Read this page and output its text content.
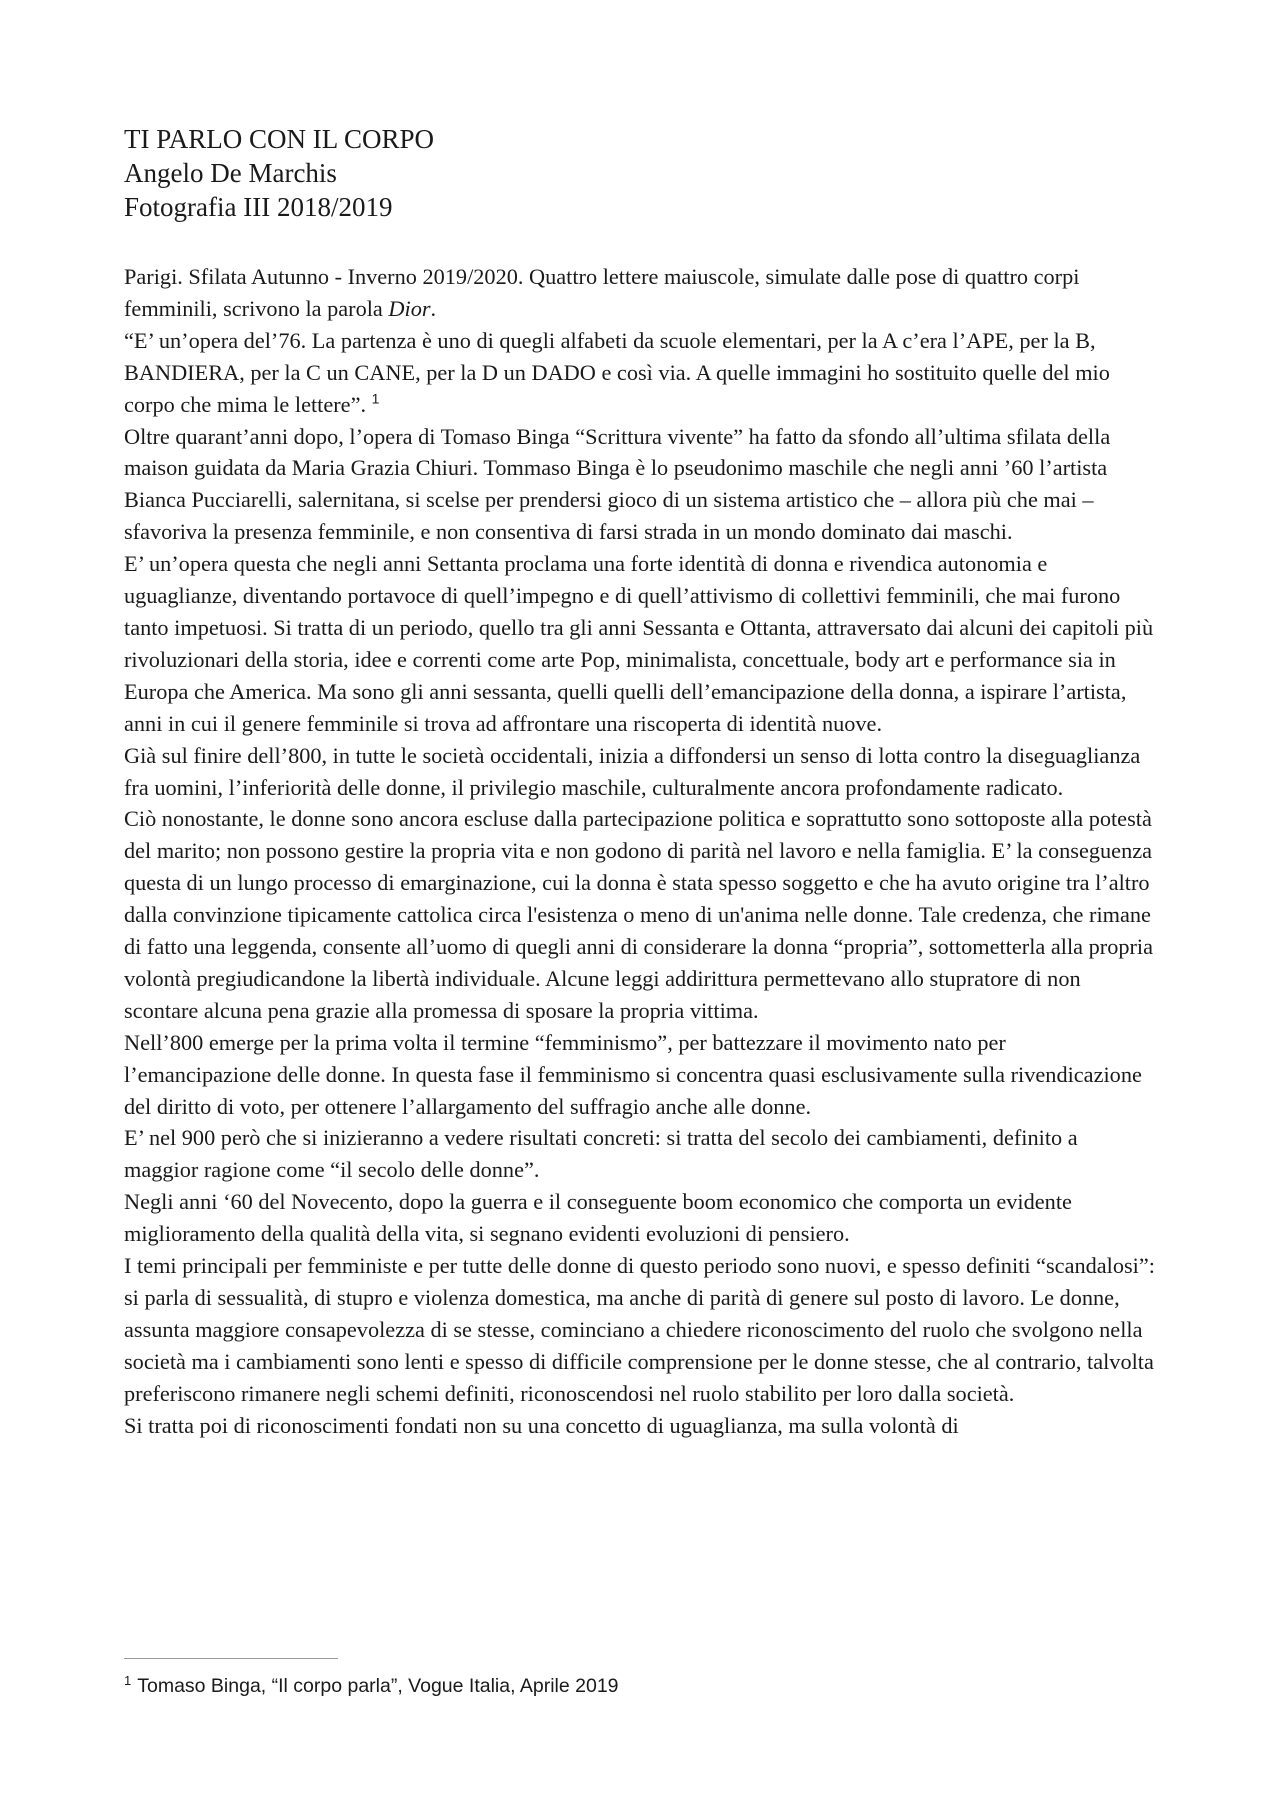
TI PARLO CON IL CORPO
Angelo De Marchis
Fotografia III 2018/2019

Parigi. Sfilata Autunno - Inverno 2019/2020. Quattro lettere maiuscole, simulate dalle pose di quattro corpi femminili, scrivono la parola Dior.

“E’ un’opera del’76. La partenza è uno di quegli alfabeti da scuole elementari, per la A c’era l’APE, per la B, BANDIERA, per la C un CANE, per la D un DADO e così via. A quelle immagini ho sostituito quelle del mio corpo che mima le lettere”. $^1$

Oltre quarant’anni dopo, l’opera di Tomaso Binga “Scrittura vivente” ha fatto da sfondo all’ultima sfilata della maison guidata da Maria Grazia Chiuri. Tommaso Binga è lo pseudonimo maschile che negli anni ’60 l’artista Bianca Pucciarelli, salernitana, si scelse per prendersi gioco di un sistema artistico che – allora più che mai – sfavoriva la presenza femminile, e non consentiva di farsi strada in un mondo dominato dai maschi.

E’ un’opera questa che negli anni Settanta proclama una forte identità di donna e rivendica autonomia e uguaglianze, diventando portavoce di quell’impegno e di quell’attivismo di collettivi femminili, che mai furono tanto impetuosi. Si tratta di un periodo, quello tra gli anni Sessanta e Ottanta, attraversato dai alcuni dei capitoli più rivoluzionari della storia, idee e correnti come arte Pop, minimalista, concettuale, body art e performance sia in Europa che America. Ma sono gli anni sessanta, quelli quelli dell’emancipazione della donna, a ispirare l’artista, anni in cui il genere femminile si trova ad affrontare una riscoperta di identità nuove.

Già sul finire dell’800, in tutte le società occidentali, inizia a diffondersi un senso di lotta contro la diseguaglianza fra uomini, l’inferiorità delle donne, il privilegio maschile, culturalmente ancora profondamente radicato.

Ciò nonostante, le donne sono ancora escluse dalla partecipazione politica e soprattutto sono sottoposte alla potestà del marito; non possono gestire la propria vita e non godono di parità nel lavoro e nella famiglia. E’ la conseguenza questa di un lungo processo di emarginazione, cui la donna è stata spesso soggetto e che ha avuto origine tra l’altro dalla convinzione tipicamente cattolica circa l'esistenza o meno di un'anima nelle donne. Tale credenza, che rimane di fatto una leggenda, consente all’uomo di quegli anni di considerare la donna “propria”, sottometterla alla propria volontà pregiudicandone la libertà individuale. Alcune leggi addirittura permettevano allo stupratore di non scontare alcuna pena grazie alla promessa di sposare la propria vittima.

Nell’800 emerge per la prima volta il termine “femminismo”, per battezzare il movimento nato per l’emancipazione delle donne. In questa fase il femminismo si concentra quasi esclusivamente sulla rivendicazione del diritto di voto, per ottenere l’allargamento del suffragio anche alle donne.

E’ nel 900 però che si inizieranno a vedere risultati concreti: si tratta del secolo dei cambiamenti, definito a maggior ragione come “il secolo delle donne”.

Negli anni ‘60 del Novecento, dopo la guerra e il conseguente boom economico che comporta un evidente miglioramento della qualità della vita, si segnano evidenti evoluzioni di pensiero.

I temi principali per femministe e per tutte delle donne di questo periodo sono nuovi, e spesso definiti “scandalosi”: si parla di sessualità, di stupro e violenza domestica, ma anche di parità di genere sul posto di lavoro. Le donne, assunta maggiore consapevolezza di se stesse, cominciano a chiedere riconoscimento del ruolo che svolgono nella società ma i cambiamenti sono lenti e spesso di difficile comprensione per le donne stesse, che al contrario, talvolta preferiscono rimanere negli schemi definiti, riconoscendosi nel ruolo stabilito per loro dalla società.

Si tratta poi di riconoscimenti fondati non su una concetto di uguaglianza, ma sulla volontà di

$^1$ Tomaso Binga, “Il corpo parla”, Vogue Italia, Aprile 2019
